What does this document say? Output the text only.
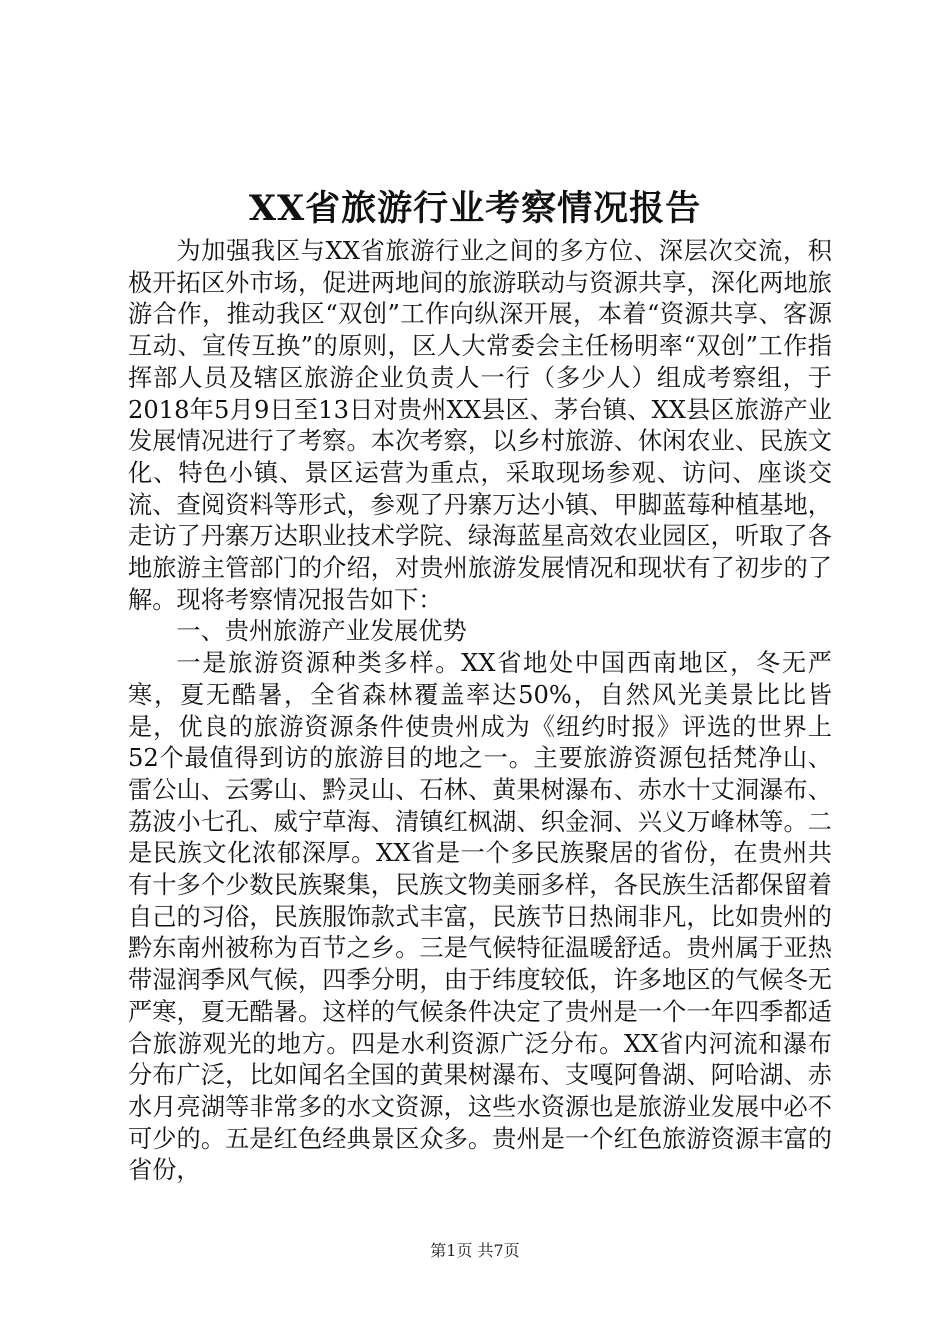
XX省旅游行业考察情况报告

为加强我区与XX省旅游行业之间的多方位、深层次交流，积极开拓区外市场，促进两地间的旅游联动与资源共享，深化两地旅游合作，推动我区“双创”工作向纵深开展，本着“资源共享、客源互动、宣传互换”的原则，区人大常委会主任杨明率“双创”工作指挥部人员及辖区旅游企业负责人一行（多少人）组成考察组，于2018年5月9日至13日对贵州XX县区、茅台镇、XX县区旅游产业发展情况进行了考察。本次考察，以乡村旅游、休闲农业、民族文化、特色小镇、景区运营为重点，采取现场参观、访问、座谈交流、查阅资料等形式，参观了丹寨万达小镇、甲脚蓝莓种植基地，走访了丹寨万达职业技术学院、绿海蓝星高效农业园区，听取了各地旅游主管部门的介绍，对贵州旅游发展情况和现状有了初步的了解。现将考察情况报告如下：

一、贵州旅游产业发展优势

一是旅游资源种类多样。XX省地处中国西南地区，冬无严寒，夏无酷暑，全省森林覆盖率达50%，自然风光美景比比皆是，优良的旅游资源条件使贵州成为《纽约时报》评选的世界上52个最值得到访的旅游目的地之一。主要旅游资源包括梵净山、雷公山、云雾山、黔灵山、石林、黄果树瀑布、赤水十丈洞瀑布、荔波小七孔、威宁草海、清镇红枫湖、织金洞、兴义万峰林等。二是民族文化浓郁深厚。XX省是一个多民族聚居的省份，在贵州共有十多个少数民族聚集，民族文物美丽多样，各民族生活都保留着自己的习俗，民族服饰款式丰富，民族节日热闹非凡，比如贵州的黔东南州被称为百节之乡。三是气候特征温暖舒适。贵州属于亚热带湿润季风气候，四季分明，由于纬度较低，许多地区的气候冬无严寒，夏无酷暑。这样的气候条件决定了贵州是一个一年四季都适合旅游观光的地方。四是水利资源广泛分布。XX省内河流和瀑布分布广泛，比如闻名全国的黄果树瀑布、支嘎阿鲁湖、阿哈湖、赤水月亮湖等非常多的水文资源，这些水资源也是旅游业发展中必不可少的。五是红色经典景区众多。贵州是一个红色旅游资源丰富的省份，

第1页 共7页
